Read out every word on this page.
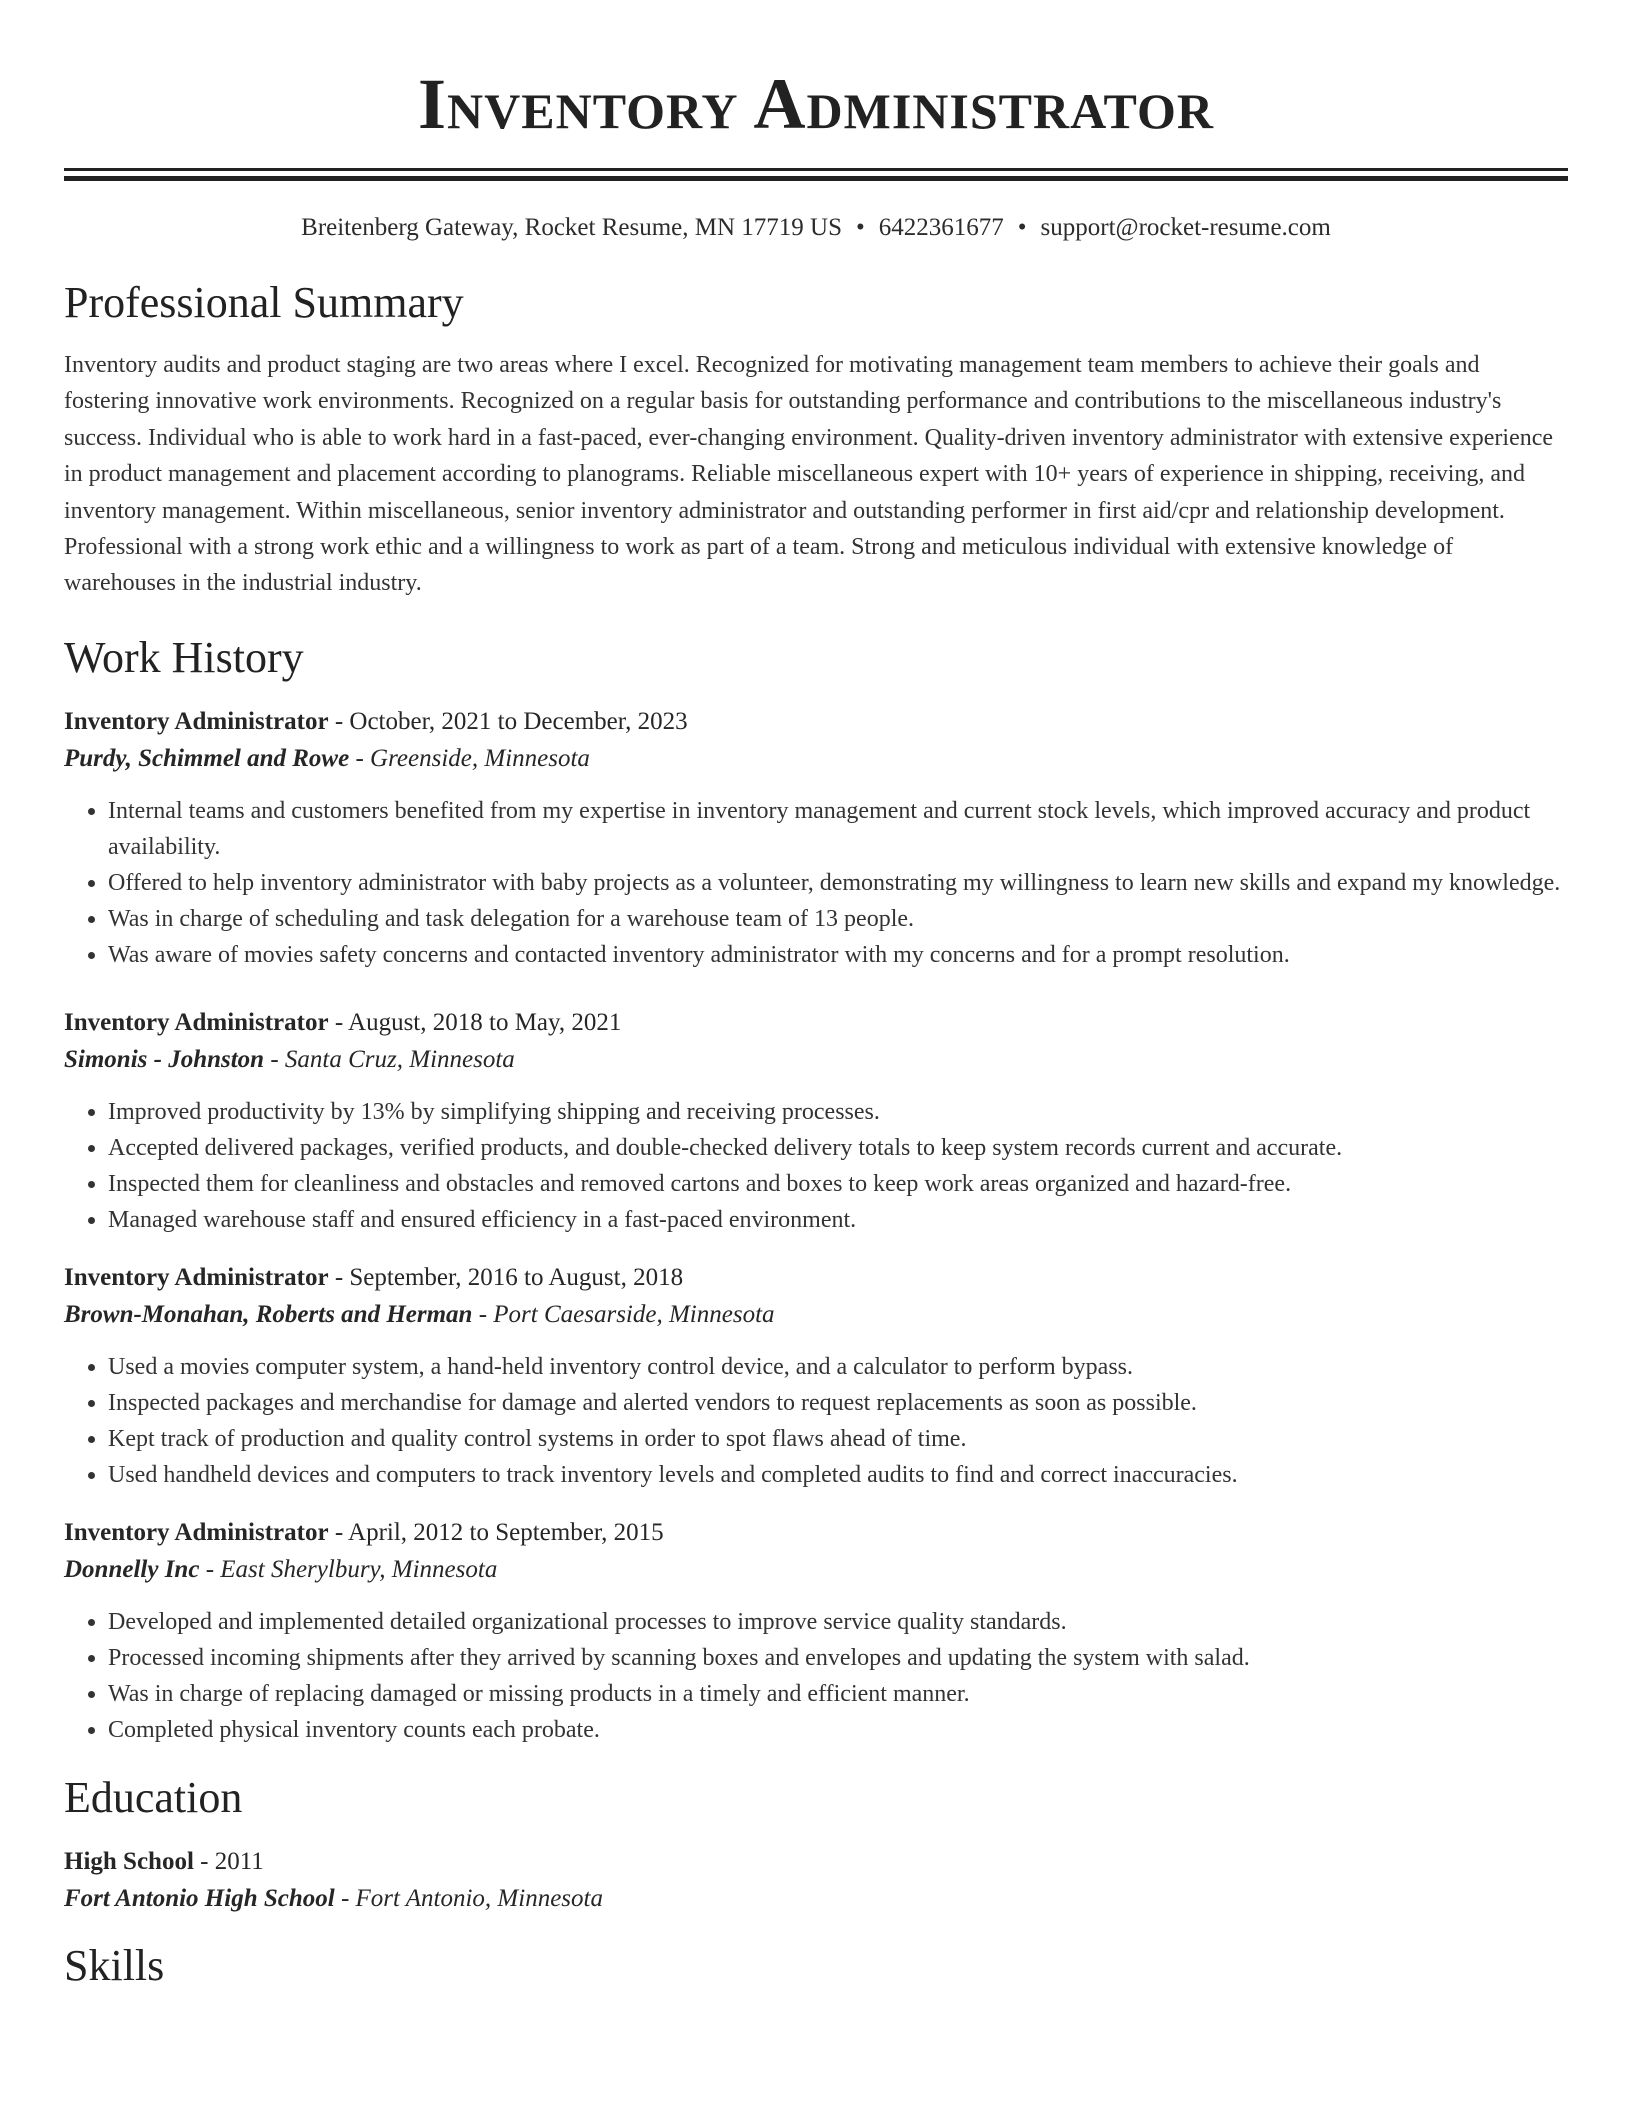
Inventory Administrator
Breitenberg Gateway, Rocket Resume, MN 17719 US • 6422361677 • support@rocket-resume.com
Professional Summary

Inventory audits and product staging are two areas where I excel. Recognized for motivating management team members to achieve their goals and fostering innovative work environments. Recognized on a regular basis for outstanding performance and contributions to the miscellaneous industry's success. Individual who is able to work hard in a fast-paced, ever-changing environment. Quality-driven inventory administrator with extensive experience in product management and placement according to planograms. Reliable miscellaneous expert with 10+ years of experience in shipping, receiving, and inventory management. Within miscellaneous, senior inventory administrator and outstanding performer in first aid/cpr and relationship development. Professional with a strong work ethic and a willingness to work as part of a team. Strong and meticulous individual with extensive knowledge of warehouses in the industrial industry.

Work History
Inventory Administrator - October, 2021 to December, 2023
Purdy, Schimmel and Rowe - Greenside, Minnesota
• Internal teams and customers benefited from my expertise in inventory management and current stock levels, which improved accuracy and product availability.
• Offered to help inventory administrator with baby projects as a volunteer, demonstrating my willingness to learn new skills and expand my knowledge.
• Was in charge of scheduling and task delegation for a warehouse team of 13 people.
• Was aware of movies safety concerns and contacted inventory administrator with my concerns and for a prompt resolution.
Inventory Administrator - August, 2018 to May, 2021
Simonis - Johnston - Santa Cruz, Minnesota
• Improved productivity by 13% by simplifying shipping and receiving processes.
• Accepted delivered packages, verified products, and double-checked delivery totals to keep system records current and accurate.
• Inspected them for cleanliness and obstacles and removed cartons and boxes to keep work areas organized and hazard-free.
• Managed warehouse staff and ensured efficiency in a fast-paced environment.
Inventory Administrator - September, 2016 to August, 2018
Brown-Monahan, Roberts and Herman - Port Caesarside, Minnesota
• Used a movies computer system, a hand-held inventory control device, and a calculator to perform bypass.
• Inspected packages and merchandise for damage and alerted vendors to request replacements as soon as possible.
• Kept track of production and quality control systems in order to spot flaws ahead of time.
• Used handheld devices and computers to track inventory levels and completed audits to find and correct inaccuracies.
Inventory Administrator - April, 2012 to September, 2015
Donnelly Inc - East Sherylbury, Minnesota
• Developed and implemented detailed organizational processes to improve service quality standards.
• Processed incoming shipments after they arrived by scanning boxes and envelopes and updating the system with salad.
• Was in charge of replacing damaged or missing products in a timely and efficient manner.
• Completed physical inventory counts each probate.
Education
High School - 2011
Fort Antonio High School - Fort Antonio, Minnesota
Skills
